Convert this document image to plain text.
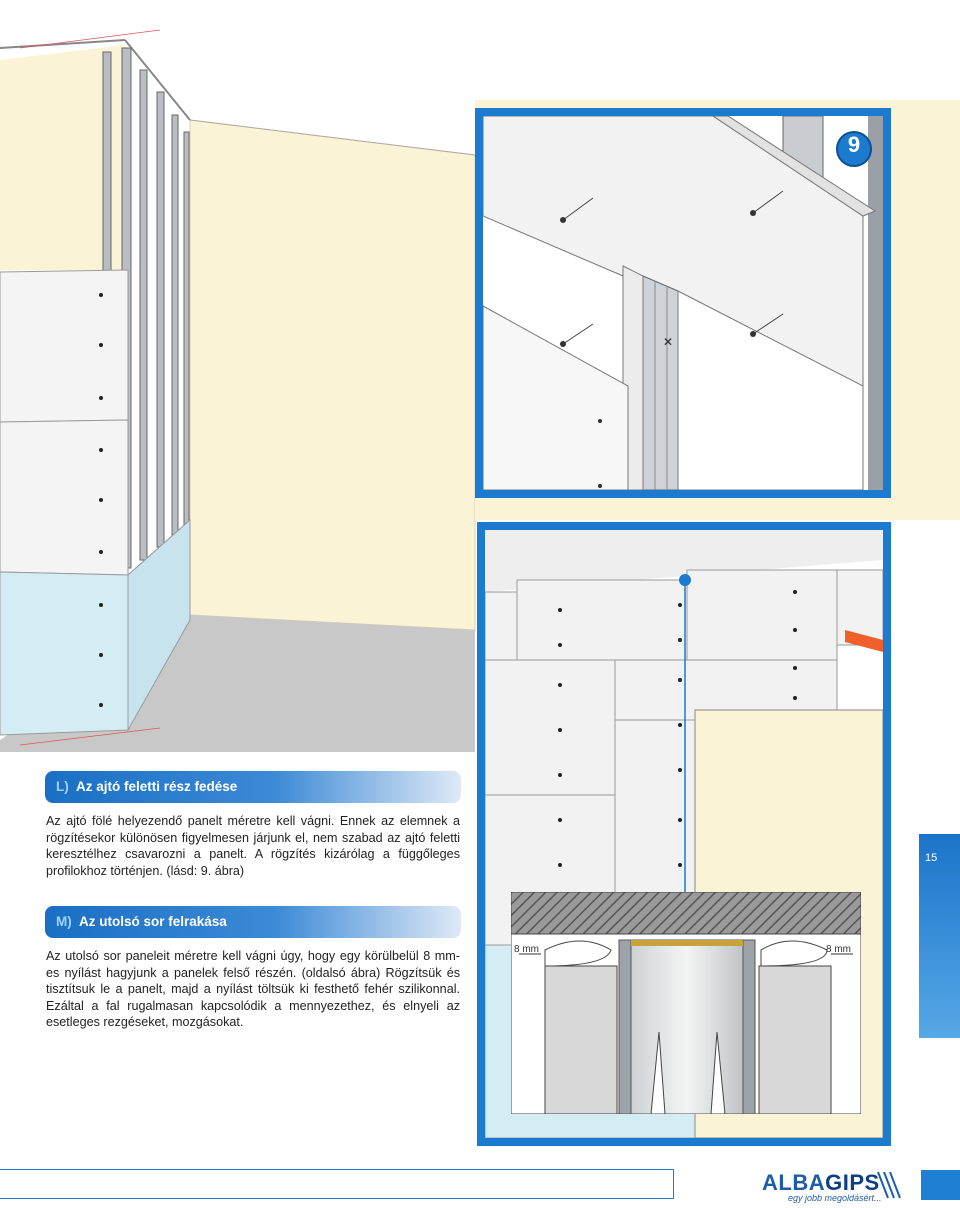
✕
9
8 mm	8 mm
L) Az ajtó feletti rész fedése
Az ajtó fölé helyezendő panelt méretre kell vágni. Ennek az elemnek a rögzítésekor különösen figyelmesen járjunk el, nem szabad az ajtó feletti keresztélhez csavarozni a panelt. A rögzítés kizárólag a függőleges profilokhoz történjen. (lásd: 9. ábra)
M) Az utolsó sor felrakása
Az utolsó sor paneleit méretre kell vágni úgy, hogy egy körülbelül 8 mm-es nyílást hagyjunk a panelek felső részén. (oldalsó ábra) Rögzítsük és tisztítsuk le a panelt, majd a nyílást töltsük ki festhető fehér szilikonnal. Ezáltal a fal rugalmasan kapcsolódik a mennyezethez, és elnyeli az esetleges rezgéseket, mozgásokat.
15
ALBAGIPS
egy jobb megoldásért...
